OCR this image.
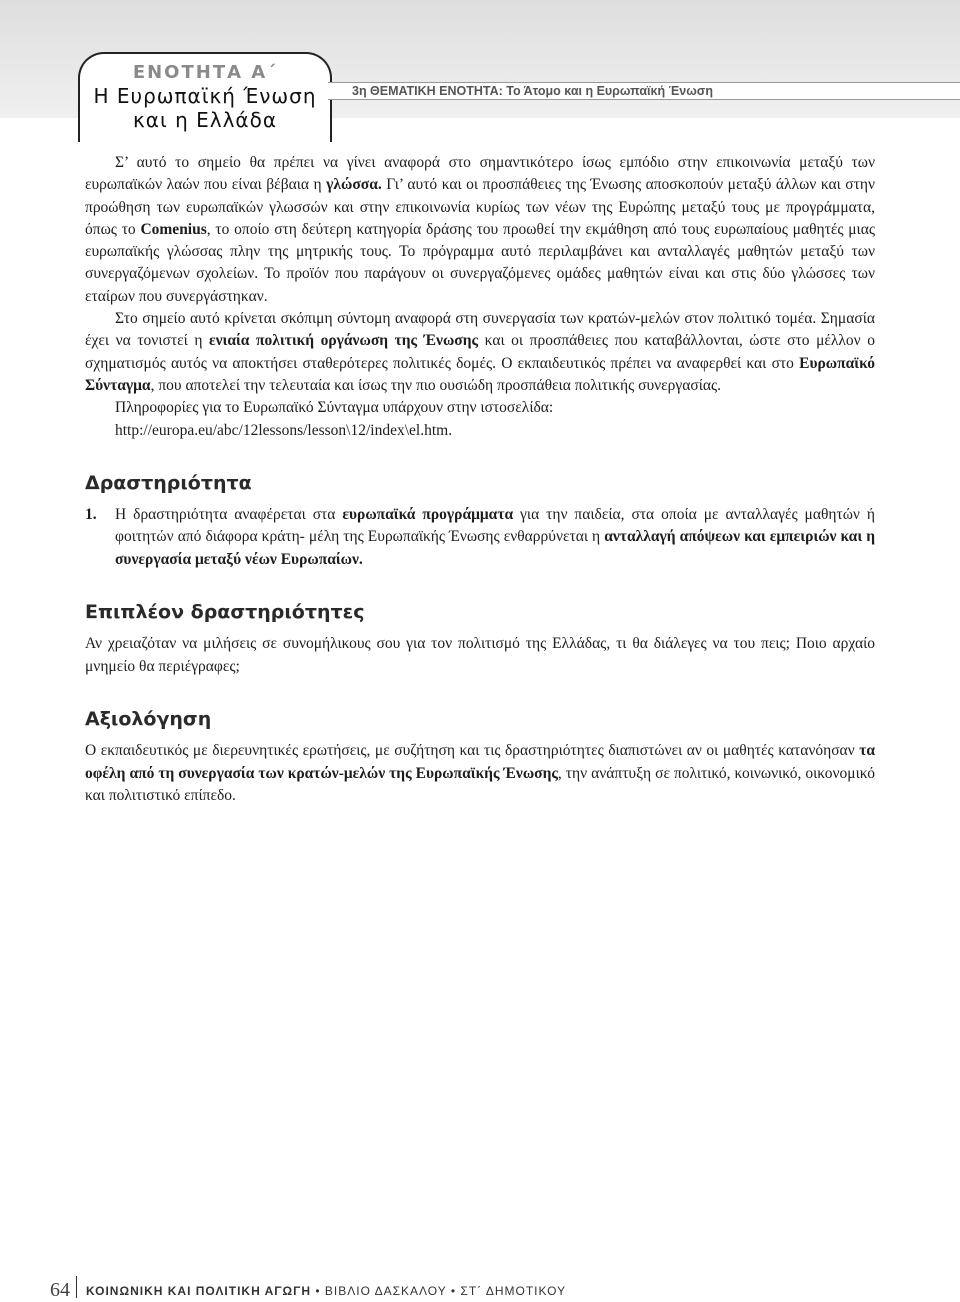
ΕΝΟΤΗΤΑ Α΄
Η Ευρωπαϊκή Ένωση
και η Ελλάδα
3η ΘΕΜΑΤΙΚΗ ΕΝΟΤΗΤΑ: Το Άτομο και η Ευρωπαϊκή Ένωση

Σ’ αυτό το σημείο θα πρέπει να γίνει αναφορά στο σημαντικότερο ίσως εμπόδιο στην επικοινωνία μεταξύ των ευρωπαϊκών λαών που είναι βέβαια η γλώσσα. Γι’ αυτό και οι προσπάθειες της Ένωσης αποσκοπούν μεταξύ άλλων και στην προώθηση των ευρωπαϊκών γλωσσών και στην επικοινωνία κυρίως των νέων της Ευρώπης μεταξύ τους με προγράμματα, όπως το Comenius, το οποίο στη δεύτερη κατηγορία δράσης του προωθεί την εκμάθηση από τους ευρωπαίους μαθητές μιας ευρωπαϊκής γλώσσας πλην της μητρικής τους. Το πρόγραμμα αυτό περιλαμβάνει και ανταλλαγές μαθητών μεταξύ των συνεργαζόμενων σχολείων. Το προϊόν που παράγουν οι συνεργαζόμενες ομάδες μαθητών είναι και στις δύο γλώσσες των εταίρων που συνεργάστηκαν.

Στο σημείο αυτό κρίνεται σκόπιμη σύντομη αναφορά στη συνεργασία των κρατών-μελών στον πολιτικό τομέα. Σημασία έχει να τονιστεί η ενιαία πολιτική οργάνωση της Ένωσης και οι προσπάθειες που καταβάλλονται, ώστε στο μέλλον ο σχηματισμός αυτός να αποκτήσει σταθερότερες πολιτικές δομές. Ο εκπαιδευτικός πρέπει να αναφερθεί και στο Ευρωπαϊκό Σύνταγμα, που αποτελεί την τελευταία και ίσως την πιο ουσιώδη προσπάθεια πολιτικής συνεργασίας.

Πληροφορίες για το Ευρωπαϊκό Σύνταγμα υπάρχουν στην ιστοσελίδα:
http://europa.eu/abc/12lessons/lesson\12/index\el.htm.

Δραστηριότητα
1. Η δραστηριότητα αναφέρεται στα ευρωπαϊκά προγράμματα για την παιδεία, στα οποία με ανταλλαγές μαθητών ή φοιτητών από διάφορα κράτη- μέλη της Ευρωπαϊκής Ένωσης ενθαρρύνεται η ανταλλαγή απόψεων και εμπειριών και η συνεργασία μεταξύ νέων Ευρωπαίων.
Επιπλέον δραστηριότητες

Αν χρειαζόταν να μιλήσεις σε συνομήλικους σου για τον πολιτισμό της Ελλάδας, τι θα διάλεγες να του πεις; Ποιο αρχαίο μνημείο θα περιέγραφες;

Αξιολόγηση

Ο εκπαιδευτικός με διερευνητικές ερωτήσεις, με συζήτηση και τις δραστηριότητες διαπιστώνει αν οι μαθητές κατανόησαν τα οφέλη από τη συνεργασία των κρατών-μελών της Ευρωπαϊκής Ένωσης, την ανάπτυξη σε πολιτικό, κοινωνικό, οικονομικό και πολιτιστικό επίπεδο.

64 ΚΟΙΝΩΝΙΚΗ ΚΑΙ ΠΟΛΙΤΙΚΗ ΑΓΩΓΗ • ΒΙΒΛΙΟ ΔΑΣΚΑΛΟΥ • ΣΤ΄ ΔΗΜΟΤΙΚΟΥ
